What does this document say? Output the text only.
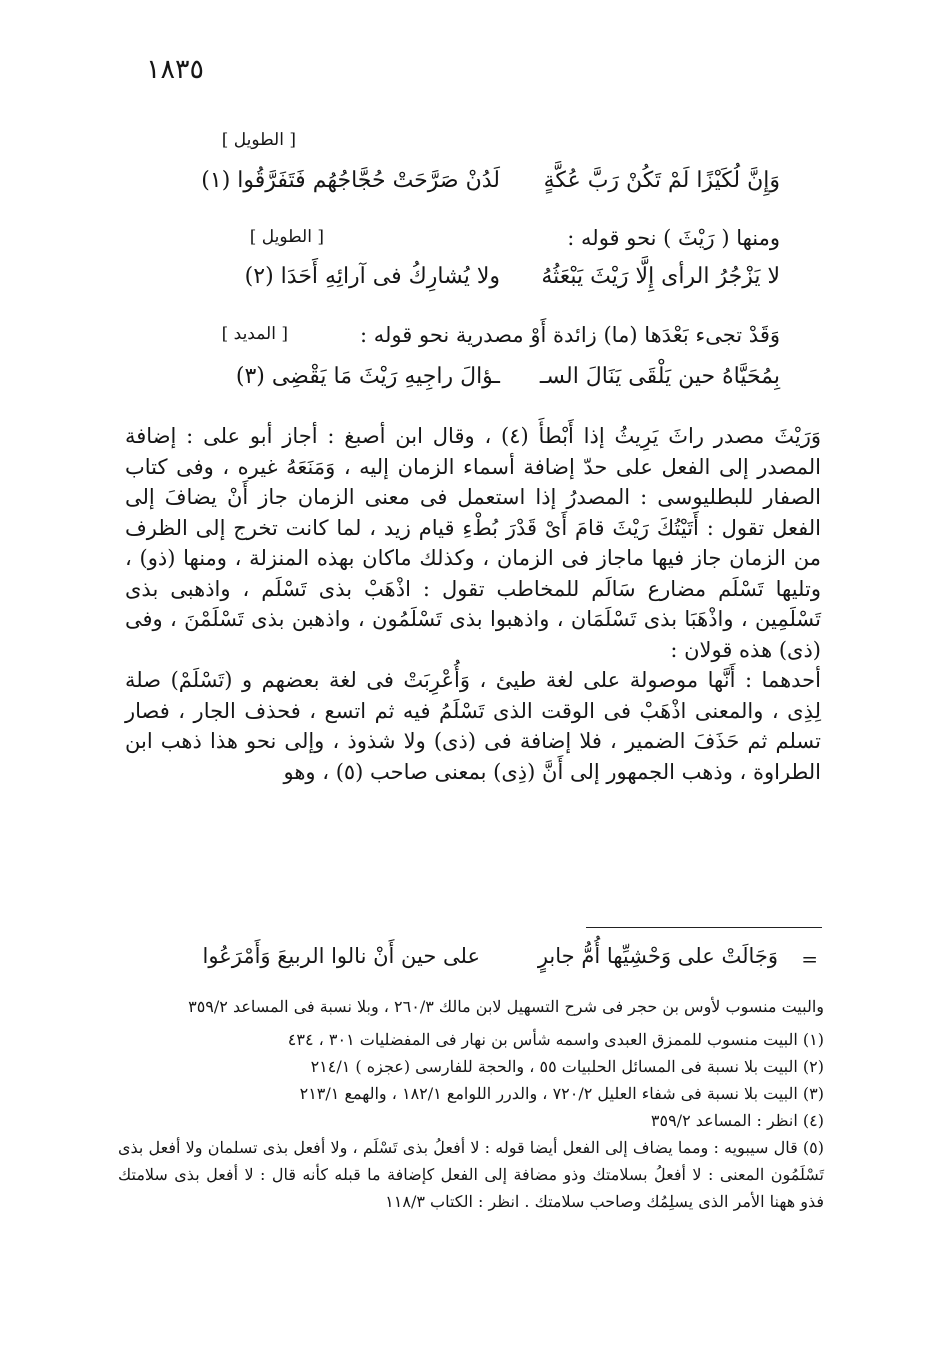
١٨٣٥
[ الطويل ]
وَإِنَّ لُكَيْزًا لَمْ تَكُنْ رَبَّ عُكَّةٍ
لَدُنْ صَرَّحَتْ حُجَّاجُهُم فَتَفَرَّقُوا (١)
ومنها ( رَيْثَ ) نحو قوله :
[ الطويل ]
لا يَزْجُرُ الرأى إِلَّا رَيْثَ يَبْعَثُهُ
ولا يُشارِكُ فى آرائِهِ أَحَدَا (٢)
وَقَدْ تجىء بَعْدَها (ما) زائدة أَوْ مصدرية نحو قوله :
[ المديد ]
بِمُحَيَّاهُ حين يَلْقَى يَنَالَ السـ
ـؤالَ راجِيهِ رَيْثَ مَا يَقْضِى (٣)

وَرَيْثَ مصدر راثَ يَرِيثُ إذا أَبْطأَ (٤) ، وقال ابن أصبغ : أجاز أبو على : إضافة المصدر إلى الفعل على حدّ إضافة أسماء الزمان إليه ، وَمَنَعَهُ غيره ، وفى كتاب الصفار للبطليوسى : المصدرُ إذا استعمل فى معنى الزمان جاز أَنْ يضافَ إلى الفعل تقول : أَتَيْتُكَ رَيْثَ قامَ أَىْ قَدْرَ بُطْءِ قيام زيد ، لما كانت تخرج إلى الظرف من الزمان جاز فيها ماجاز فى الزمان ، وكذلك ماكان بهذه المنزلة ، ومنها (ذو) ، وتليها تَسْلَم مضارع سَالَم للمخاطب تقول : اذْهَبْ بذى تَسْلَم ، واذهبى بذى تَسْلَمِين ، واذْهَبَا بذى تَسْلَمَان ، واذهبوا بذى تَسْلَمُون ، واذهبن بذى تَسْلَمْنَ ، وفى (ذى) هذه قولان :

أحدهما : أَنَّها موصولة على لغة طيئ ، وَأُعْرِبَتْ فى لغة بعضهم و (تَسْلَمْ) صلة لِذِى ، والمعنى اذْهَبْ فى الوقت الذى تَسْلَمُ فيه ثم اتسع ، فحذف الجار ، فصار تسلم ثم حَذَفَ الضمير ، فلا إضافة فى (ذى) ولا شذوذ ، وإلى نحو هذا ذهب ابن الطراوة ، وذهب الجمهور إلى أَنَّ (ذِى) بمعنى صاحب (٥) ، وهو

=
وَجَالَتْ على وَحْشِيِّها أُمُّ جابرٍ
على حين أَنْ نالوا الربيعَ وَأَمْرَعُوا

والبيت منسوب لأوس بن حجر فى شرح التسهيل لابن مالك ٢٦٠/٣ ، وبلا نسبة فى المساعد ٣٥٩/٢

(١) البيت منسوب للممزق العبدى واسمه شأس بن نهار فى المفضليات ٣٠١ ، ٤٣٤

(٢) البيت بلا نسبة فى المسائل الحلبيات ٥٥ ، والحجة للفارسى (عجزه ) ٢١٤/١

(٣) البيت بلا نسبة فى شفاء العليل ٧٢٠/٢ ، والدرر اللوامع ١٨٢/١ ، والهمع ٢١٣/١

(٤) انظر : المساعد ٣٥٩/٢

(٥) قال سيبويه : ومما يضاف إلى الفعل أيضا قوله : لا أفعلُ بذى تَسْلَم ، ولا أفعل بذى تسلمان ولا أفعل بذى تَسْلَمُون المعنى : لا أفعلُ بسلامتك وذو مضافة إلى الفعل كإضافة ما قبله كأنه قال : لا أفعل بذى سلامتك فذو ههنا الأمر الذى يسلِمُك وصاحب سلامتك . انظر : الكتاب ١١٨/٣
